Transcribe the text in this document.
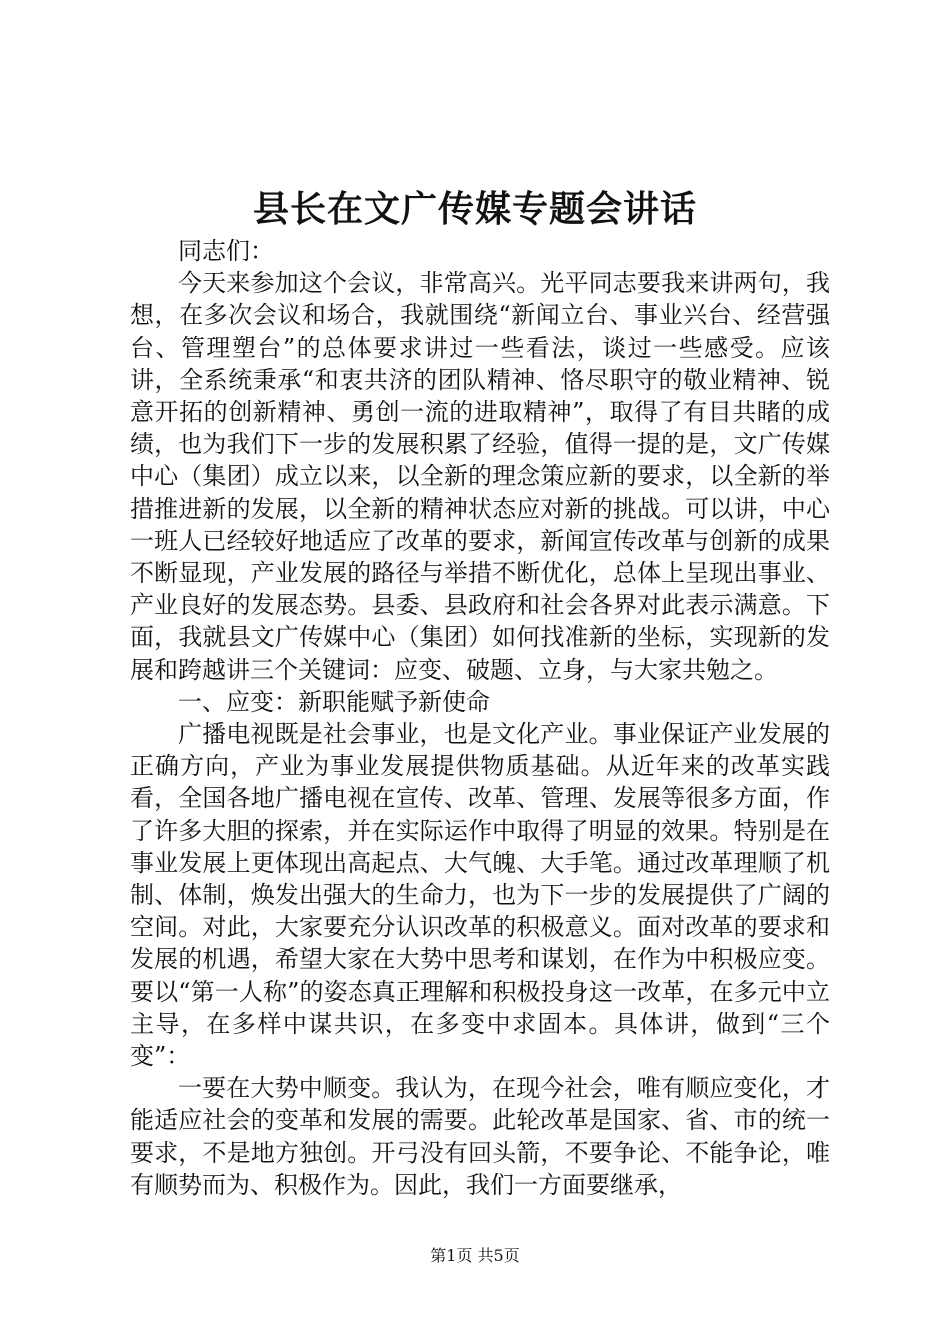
县长在文广传媒专题会讲话

同志们：

今天来参加这个会议，非常高兴。光平同志要我来讲两句，我想，在多次会议和场合，我就围绕“新闻立台、事业兴台、经营强台、管理塑台”的总体要求讲过一些看法，谈过一些感受。应该讲，全系统秉承“和衷共济的团队精神、恪尽职守的敬业精神、锐意开拓的创新精神、勇创一流的进取精神”，取得了有目共睹的成绩，也为我们下一步的发展积累了经验，值得一提的是，文广传媒中心（集团）成立以来，以全新的理念策应新的要求，以全新的举措推进新的发展，以全新的精神状态应对新的挑战。可以讲，中心一班人已经较好地适应了改革的要求，新闻宣传改革与创新的成果不断显现，产业发展的路径与举措不断优化，总体上呈现出事业、产业良好的发展态势。县委、县政府和社会各界对此表示满意。下面，我就县文广传媒中心（集团）如何找准新的坐标，实现新的发展和跨越讲三个关键词：应变、破题、立身，与大家共勉之。

一、应变：新职能赋予新使命

广播电视既是社会事业，也是文化产业。事业保证产业发展的正确方向，产业为事业发展提供物质基础。从近年来的改革实践看，全国各地广播电视在宣传、改革、管理、发展等很多方面，作了许多大胆的探索，并在实际运作中取得了明显的效果。特别是在事业发展上更体现出高起点、大气魄、大手笔。通过改革理顺了机制、体制，焕发出强大的生命力，也为下一步的发展提供了广阔的空间。对此，大家要充分认识改革的积极意义。面对改革的要求和发展的机遇，希望大家在大势中思考和谋划，在作为中积极应变。要以“第一人称”的姿态真正理解和积极投身这一改革，在多元中立主导，在多样中谋共识，在多变中求固本。具体讲，做到“三个变”：

一要在大势中顺变。我认为，在现今社会，唯有顺应变化，才能适应社会的变革和发展的需要。此轮改革是国家、省、市的统一要求，不是地方独创。开弓没有回头箭，不要争论、不能争论，唯有顺势而为、积极作为。因此，我们一方面要继承，

第1页 共5页
